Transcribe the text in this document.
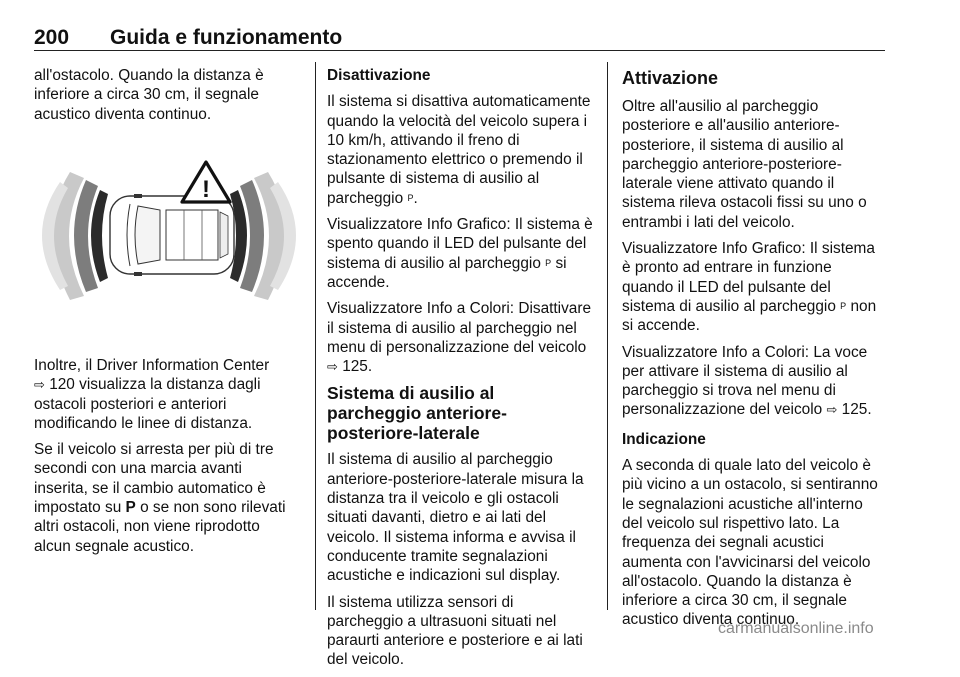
200 Guida e funzionamento

all'ostacolo. Quando la distanza è inferiore a circa 30 cm, il segnale acustico diventa continuo.

Inoltre, il Driver Information Center
⇨ 120 visualizza la distanza dagli ostacoli posteriori e anteriori modificando le linee di distanza.

Se il veicolo si arresta per più di tre secondi con una marcia avanti inserita, se il cambio automatico è impostato su P o se non sono rilevati altri ostacoli, non viene riprodotto alcun segnale acustico.

!

Disattivazione

Il sistema si disattiva automaticamente quando la velocità del veicolo supera i 10 km/h, attivando il freno di stazionamento elettrico o premendo il pulsante di sistema di ausilio al parcheggio P.

Visualizzatore Info Grafico: Il sistema è spento quando il LED del pulsante del sistema di ausilio al parcheggio P si accende.

Visualizzatore Info a Colori: Disattivare il sistema di ausilio al parcheggio nel menu di personalizzazione del veicolo ⇨ 125.

Sistema di ausilio al parcheggio anteriore-posteriore-laterale

Il sistema di ausilio al parcheggio anteriore-posteriore-laterale misura la distanza tra il veicolo e gli ostacoli situati davanti, dietro e ai lati del veicolo. Il sistema informa e avvisa il conducente tramite segnalazioni acustiche e indicazioni sul display.

Il sistema utilizza sensori di parcheggio a ultrasuoni situati nel paraurti anteriore e posteriore e ai lati del veicolo.

Attivazione

Oltre all'ausilio al parcheggio posteriore e all'ausilio anteriore-posteriore, il sistema di ausilio al parcheggio anteriore-posteriore-laterale viene attivato quando il sistema rileva ostacoli fissi su uno o entrambi i lati del veicolo.

Visualizzatore Info Grafico: Il sistema è pronto ad entrare in funzione quando il LED del pulsante del sistema di ausilio al parcheggio P non si accende.

Visualizzatore Info a Colori: La voce per attivare il sistema di ausilio al parcheggio si trova nel menu di personalizzazione del veicolo ⇨ 125.

Indicazione

A seconda di quale lato del veicolo è più vicino a un ostacolo, si sentiranno le segnalazioni acustiche all'interno del veicolo sul rispettivo lato. La frequenza dei segnali acustici aumenta con l'avvicinarsi del veicolo all'ostacolo. Quando la distanza è inferiore a circa 30 cm, il segnale acustico diventa continuo.

carmanualsonline.info
